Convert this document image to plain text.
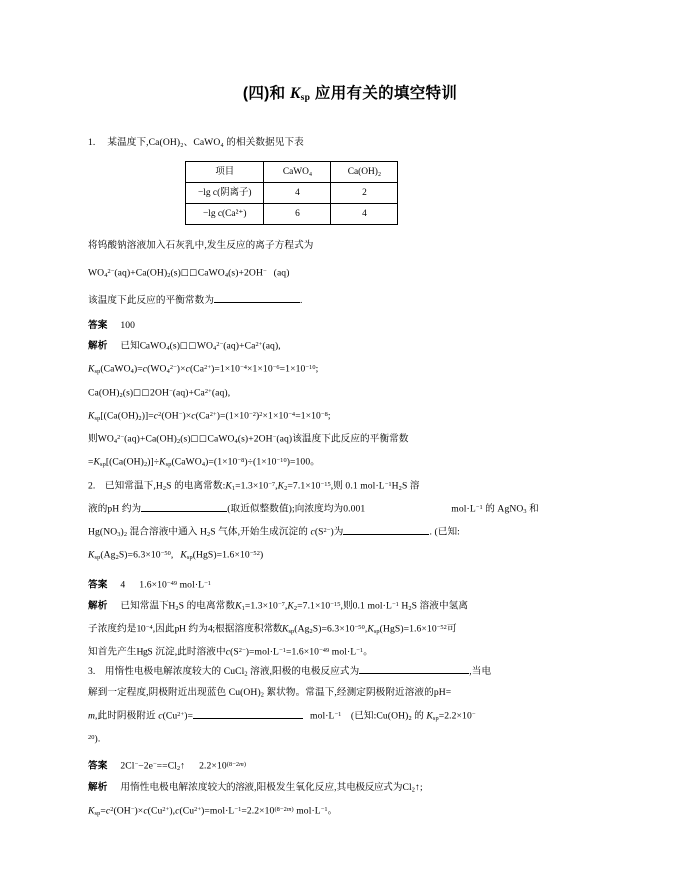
(四)和 $K_{sp}$ 应用有关的填空特训
1. 某温度下,Ca(OH)₂、CaWO₄ 的相关数据见下表
项目	CaWO₄	Ca(OH)₂
−lg c(阴离子)	4	2
−lg c(Ca²⁺)	6	4
将钨酸钠溶液加入石灰乳中,发生反应的离子方程式为
$WO_4^{2-}(aq)+Ca(OH)_2(s)□□CaWO_4(s)+2OH^-$ (aq)
该温度下此反应的平衡常数为	.
答案 100
解析 已知$CaWO_4(s)□□WO_4^{2-}(aq)+Ca^{2+}(aq)$,
$K_{sp}(CaWO_4)=c(WO_4^{2-})\times c(Ca^{2+})=1\times 10^{-4}\times 1\times 10^{-6}=1\times 10^{-10}$;
$Ca(OH)_2(s)□□2OH^-(aq)+Ca^{2+}(aq)$,
$K_{sp}[(Ca(OH)_2)]=c^2(OH^-)\times c(Ca^{2+})=(1\times 10^{-2})^2\times 1\times 10^{-4}=1\times 10^{-8}$;
则$WO_4^{2-}(aq)+Ca(OH)_2(s)□□CaWO_4(s)+2OH^-(aq)$该温度下此反应的平衡常数
$=K_{sp}[(Ca(OH)_2)]\div K_{sp}(CaWO_4)=(1\times 10^{-8})\div(1\times 10^{-10})=100$。
2. 已知常温下$,H_2S$ 的电离常数$:K_1=1.3\times 10^{-7},K_2=7.1\times 10^{-15}$,则 0.1 $mol\cdot L^{-1}H_2S$ 溶
液的pH 约为	(取近似整数值);向浓度均为0.001	$mol\cdot L^{-1}$ 的 AgNO$_3$ 和
$Hg(NO_3)_2$ 混合溶液中通入 $H_2S$ 气体,开始生成沉淀的 $c(S^{2-})$为	. (已知:
$K_{sp}(Ag_2S)=6.3\times 10^{-50}$, $K_{sp}(HgS)=1.6\times 10^{-52}$)
答案 4 $1.6\times 10^{-49}$ $mol\cdot L^{-1}$
解析 已知常温下$H_2S$ 的电离常数$K_1=1.3\times 10^{-7},K_2=7.1\times 10^{-15}$,则0.1 $mol\cdot L^{-1}$ $H_2S$ 溶液中氢离
子浓度约是$10^{-4}$,因此pH 约为4;根据溶度积常数$K_{sp}(Ag_2S)=6.3\times 10^{-50},K_{sp}(HgS)=1.6\times 10^{-52}$可
知首先产生HgS 沉淀,此时溶液中$c(S^{2-})=mol\cdot L^{-1}=1.6\times 10^{-49}$ $mol\cdot L^{-1}$。
3. 用惰性电极电解浓度较大的 CuCl$_2$ 溶液,阳极的电极反应式为	,当电
解到一定程度,阴极附近出现蓝色 $Cu(OH)_2$ 絮状物。常温下,经测定阴极附近溶液的pH=
m,此时阴极附近 $c(Cu^{2+})=$	$mol\cdot L^{-1}$ (已知$:Cu(OH)_2$ 的 $K_{sp}=2.2\times 10^-$
$^{20}$).
答案 $2Cl^--2e^-==Cl_2↑$ $2.2\times 10^{(8-2m)}$
解析 用惰性电极电解浓度较大的溶液,阳极发生氧化反应,其电极反应式为$Cl_2↑$;
$K_{sp}=c^2(OH^-)\times c(Cu^{2+}),c(Cu^{2+})=mol\cdot L^{-1}=2.2\times 10^{(8-2m)}$ $mol\cdot L^{-1}$。
